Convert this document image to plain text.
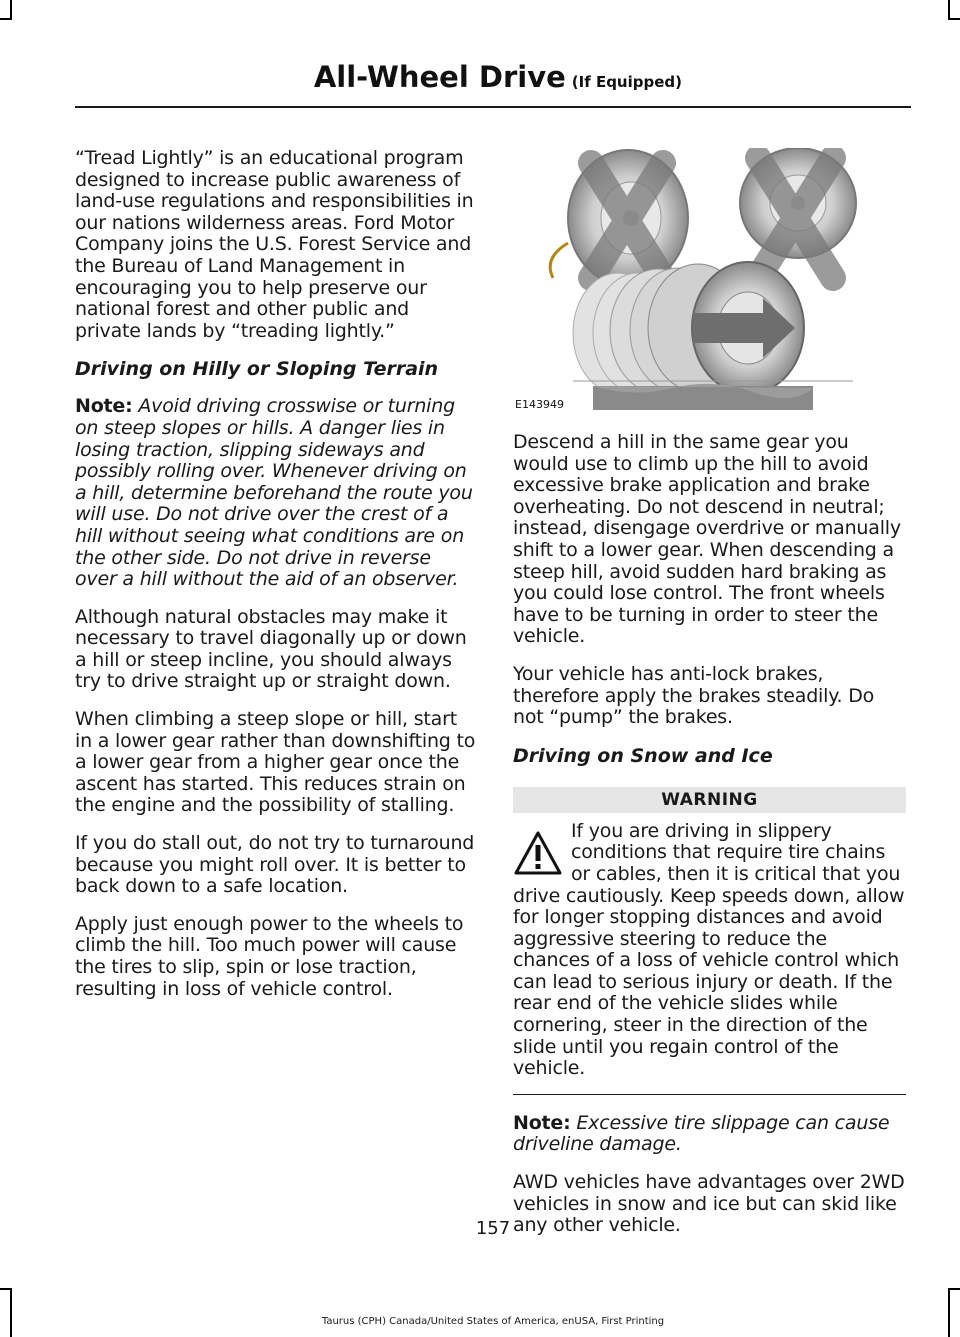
All-Wheel Drive (If Equipped)

“Tread Lightly” is an educational program designed to increase public awareness of land-use regulations and responsibilities in our nations wilderness areas. Ford Motor Company joins the U.S. Forest Service and the Bureau of Land Management in encouraging you to help preserve our national forest and other public and private lands by “treading lightly.”

Driving on Hilly or Sloping Terrain

Note: Avoid driving crosswise or turning on steep slopes or hills. A danger lies in losing traction, slipping sideways and possibly rolling over. Whenever driving on a hill, determine beforehand the route you will use. Do not drive over the crest of a hill without seeing what conditions are on the other side. Do not drive in reverse over a hill without the aid of an observer.

Although natural obstacles may make it necessary to travel diagonally up or down a hill or steep incline, you should always try to drive straight up or straight down.

When climbing a steep slope or hill, start in a lower gear rather than downshifting to a lower gear from a higher gear once the ascent has started. This reduces strain on the engine and the possibility of stalling.

If you do stall out, do not try to turnaround because you might roll over. It is better to back down to a safe location.

Apply just enough power to the wheels to climb the hill. Too much power will cause the tires to slip, spin or lose traction, resulting in loss of vehicle control.

E143949

Descend a hill in the same gear you would use to climb up the hill to avoid excessive brake application and brake overheating. Do not descend in neutral; instead, disengage overdrive or manually shift to a lower gear. When descending a steep hill, avoid sudden hard braking as you could lose control. The front wheels have to be turning in order to steer the vehicle.

Your vehicle has anti-lock brakes, therefore apply the brakes steadily. Do not “pump” the brakes.

Driving on Snow and Ice
WARNING

If you are driving in slippery conditions that require tire chains or cables, then it is critical that you drive cautiously. Keep speeds down, allow for longer stopping distances and avoid aggressive steering to reduce the chances of a loss of vehicle control which can lead to serious injury or death. If the rear end of the vehicle slides while cornering, steer in the direction of the slide until you regain control of the vehicle.

Note: Excessive tire slippage can cause driveline damage.

AWD vehicles have advantages over 2WD vehicles in snow and ice but can skid like any other vehicle.

157
Taurus (CPH) Canada/United States of America, enUSA, First Printing
